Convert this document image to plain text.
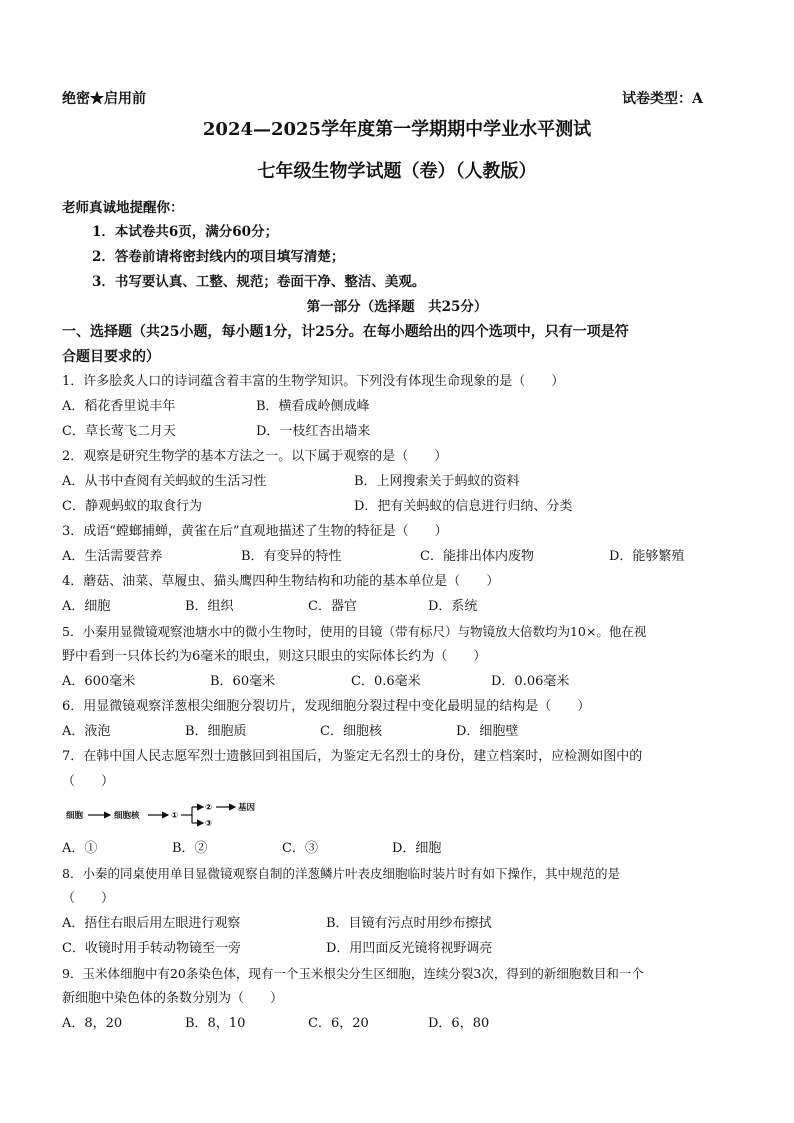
绝密★启用前	试卷类型：A
2024—2025学年度第一学期期中学业水平测试
七年级生物学试题（卷）（人教版）
老师真诚地提醒你：
1．本试卷共6页，满分60分；
2．答卷前请将密封线内的项目填写清楚；
3．书写要认真、工整、规范；卷面干净、整洁、美观。
第一部分（选择题　共25分）
一、选择题（共25小题，每小题1分，计25分。在每小题给出的四个选项中，只有一项是符
合题目要求的）
1．许多脍炙人口的诗词蕴含着丰富的生物学知识。下列没有体现生命现象的是（　　）
A．稻花香里说丰年	B．横看成岭侧成峰
C．草长莺飞二月天	D．一枝红杏出墙来
2．观察是研究生物学的基本方法之一。以下属于观察的是（　　）
A．从书中查阅有关蚂蚁的生活习性	B．上网搜索关于蚂蚁的资料
C．静观蚂蚁的取食行为	D．把有关蚂蚁的信息进行归纳、分类
3．成语“螳螂捕蝉，黄雀在后”直观地描述了生物的特征是（　　）
A．生活需要营养	B．有变异的特性	C．能排出体内废物	D．能够繁殖
4．蘑菇、油菜、草履虫、猫头鹰四种生物结构和功能的基本单位是（　　）
A．细胞	B．组织	C．器官	D．系统
5．小秦用显微镜观察池塘水中的微小生物时，使用的目镜（带有标尺）与物镜放大倍数均为10×。他在视
野中看到一只体长约为6毫米的眼虫，则这只眼虫的实际体长约为（　　）
A．600毫米	B．60毫米	C．0.6毫米	D．0.06毫米
6．用显微镜观察洋葱根尖细胞分裂切片，发现细胞分裂过程中变化最明显的结构是（　　）
A．液泡	B．细胞质	C．细胞核	D．细胞壁
7．在韩中国人民志愿军烈士遗骸回到祖国后，为鉴定无名烈士的身份，建立档案时，应检测如图中的
（　　）
细胞	细胞核	①
②
③
基因
A．①	B．②	C．③	D．细胞
8．小秦的同桌使用单目显微镜观察自制的洋葱鳞片叶表皮细胞临时装片时有如下操作，其中规范的是
（　　）
A．捂住右眼后用左眼进行观察	B．目镜有污点时用纱布擦拭
C．收镜时用手转动物镜至一旁	D．用凹面反光镜将视野调亮
9．玉米体细胞中有20条染色体，现有一个玉米根尖分生区细胞，连续分裂3次，得到的新细胞数目和一个
新细胞中染色体的条数分别为（　　）
A．8，20	B．8，10	C．6，20	D．6，80
